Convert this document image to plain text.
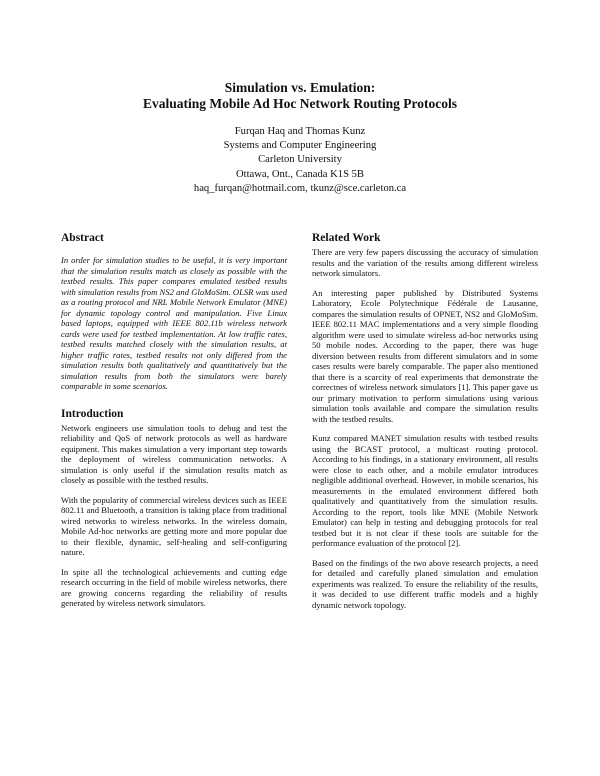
Simulation vs. Emulation:
Evaluating Mobile Ad Hoc Network Routing Protocols
Furqan Haq and Thomas Kunz
Systems and Computer Engineering
Carleton University
Ottawa, Ont., Canada K1S 5B
haq_furqan@hotmail.com, tkunz@sce.carleton.ca
Abstract

In order for simulation studies to be useful, it is very important that the simulation results match as closely as possible with the testbed results. This paper compares emulated testbed results with simulation results from NS2 and GloMoSim. OLSR was used as a routing protocol and NRL Mobile Network Emulator (MNE) for dynamic topology control and manipulation. Five Linux based laptops, equipped with IEEE 802.11b wireless network cards were used for testbed implementation. At low traffic rates, testbed results matched closely with the simulation results, at higher traffic rates, testbed results not only differed from the simulation results both qualitatively and quantitatively but the simulation results from both the simulators were barely comparable in some scenarios.

Introduction

Network engineers use simulation tools to debug and test the reliability and QoS of network protocols as well as hardware equipment. This makes simulation a very important step towards the deployment of wireless communication networks. A simulation is only useful if the simulation results match as closely as possible with the testbed results.

With the popularity of commercial wireless devices such as IEEE 802.11 and Bluetooth, a transition is taking place from traditional wired networks to wireless networks. In the wireless domain, Mobile Ad-hoc networks are getting more and more popular due to their flexible, dynamic, self-healing and self-configuring nature.

In spite all the technological achievements and cutting edge research occurring in the field of mobile wireless networks, there are growing concerns regarding the reliability of results generated by wireless network simulators.

Related Work

There are very few papers discussing the accuracy of simulation results and the variation of the results among different wireless network simulators.

An interesting paper published by Distributed Systems Laboratory, Ecole Polytechnique Fédérale de Lausanne, compares the simulation results of OPNET, NS2 and GloMoSim. IEEE 802.11 MAC implementations and a very simple flooding algorithm were used to simulate wireless ad-hoc networks using 50 mobile nodes. According to the paper, there was huge diversion between results from different simulators and in some cases results were barely comparable. The paper also mentioned that there is a scarcity of real experiments that demonstrate the correctnes of wireless network simulators [1]. This paper gave us our primary motivation to perform simulations using various simulation tools available and compare the simulation results with the testbed results.

Kunz compared MANET simulation results with testbed results using the BCAST protocol, a multicast routing protocol. According to his findings, in a stationary environment, all results were close to each other, and a mobile emulator introduces negligible additional overhead. However, in mobile scenarios, his measurements in the emulated environment differed both qualitatively and quantitatively from the simulation results. According to the report, tools like MNE (Mobile Network Emulator) can help in testing and debugging protocols for real testbed but it is not clear if these tools are suitable for the performance evaluation of the protocol [2].

Based on the findings of the two above research projects, a need for detailed and carefully planed simulation and emulation experiments was realized. To ensure the reliability of the results, it was decided to use different traffic models and a highly dynamic network topology.
